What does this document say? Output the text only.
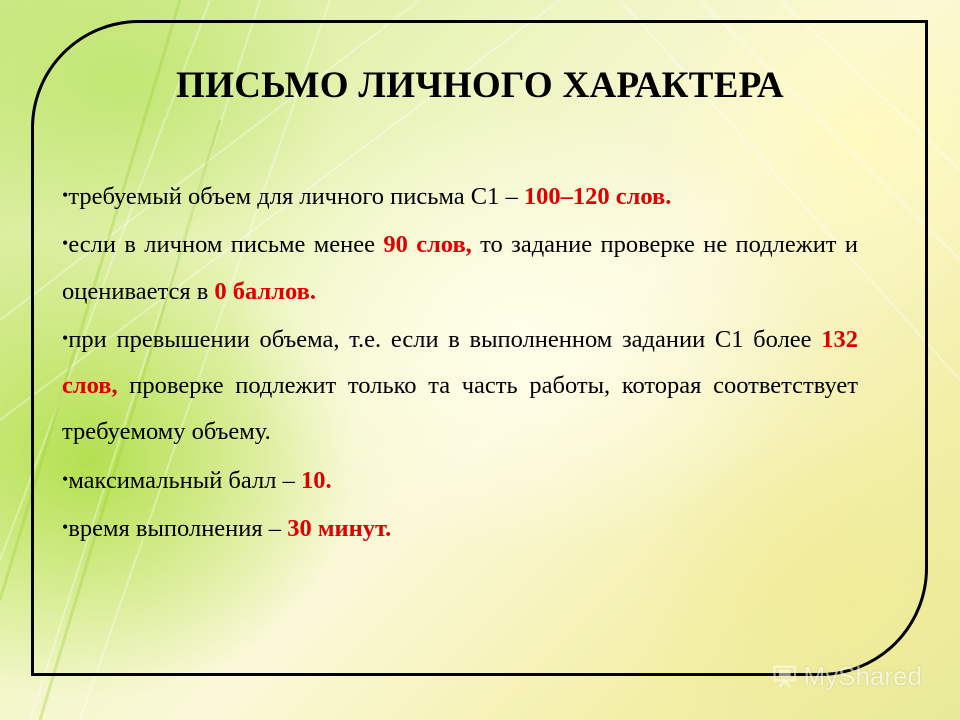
ПИСЬМО ЛИЧНОГО ХАРАКТЕРА

•требуемый объем для личного письма С1 – 100–120 слов.

•если в личном письме менее 90 слов, то задание проверке не подлежит и оценивается в 0 баллов.

•при превышении объема, т.е. если в выполненном задании С1 более 132 слов, проверке подлежит только та часть работы, которая соответствует требуемому объему.

•максимальный балл – 10.

•время выполнения – 30 минут.

MyShared
